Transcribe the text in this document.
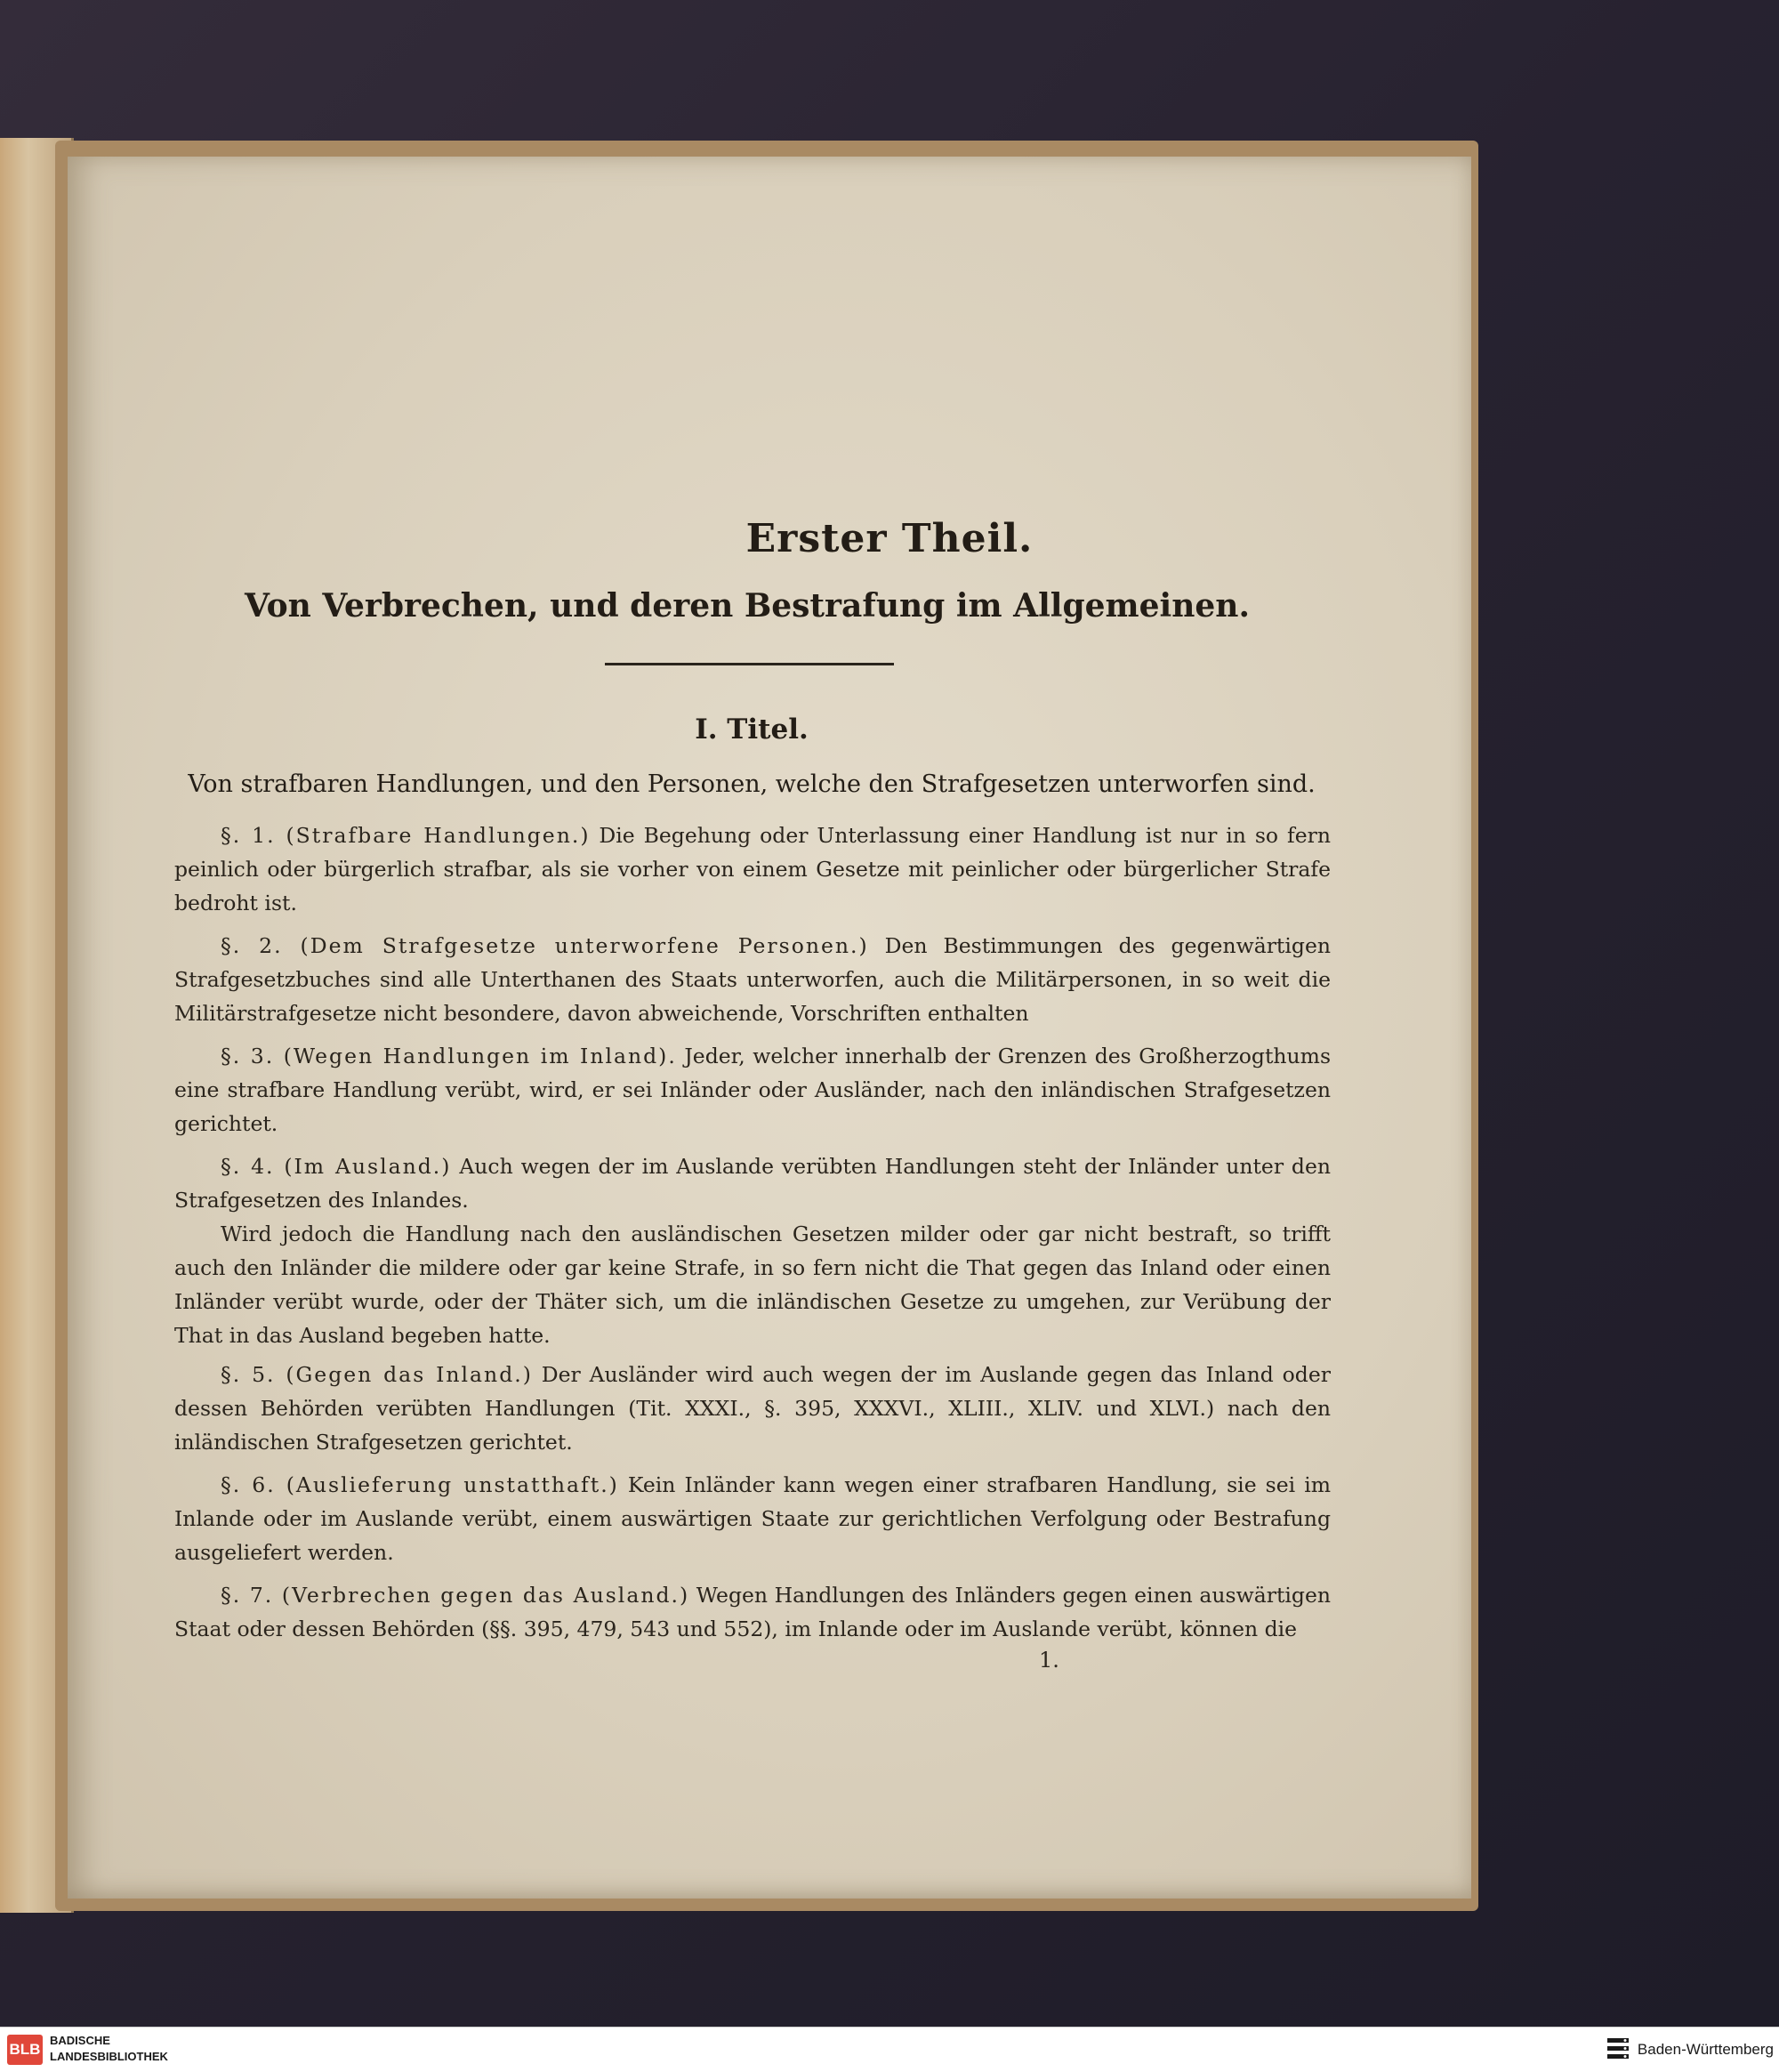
Erster Theil.
Von Verbrechen, und deren Bestrafung im Allgemeinen.
I. Titel.
Von strafbaren Handlungen, und den Personen, welche den Strafgesetzen unterworfen sind.
§. 1. (Strafbare Handlungen.) Die Begehung oder Unterlassung einer Handlung ist nur in so fern peinlich oder bürgerlich strafbar, als sie vorher von einem Gesetze mit peinlicher oder bürgerlicher Strafe bedroht ist.
§. 2. (Dem Strafgesetze unterworfene Personen.) Den Bestimmungen des gegenwärtigen Strafgesetzbuches sind alle Unterthanen des Staats unterworfen, auch die Militärpersonen, in so weit die Militärstrafgesetze nicht besondere, davon abweichende, Vorschriften enthalten
§. 3. (Wegen Handlungen im Inland). Jeder, welcher innerhalb der Grenzen des Großherzogthums eine strafbare Handlung verübt, wird, er sei Inländer oder Ausländer, nach den inländischen Strafgesetzen gerichtet.
§. 4. (Im Ausland.) Auch wegen der im Auslande verübten Handlungen steht der Inländer unter den Strafgesetzen des Inlandes.
Wird jedoch die Handlung nach den ausländischen Gesetzen milder oder gar nicht bestraft, so trifft auch den Inländer die mildere oder gar keine Strafe, in so fern nicht die That gegen das Inland oder einen Inländer verübt wurde, oder der Thäter sich, um die inländischen Gesetze zu umgehen, zur Verübung der That in das Ausland begeben hatte.
§. 5. (Gegen das Inland.) Der Ausländer wird auch wegen der im Auslande gegen das Inland oder dessen Behörden verübten Handlungen (Tit. XXXI., §. 395, XXXVI., XLIII., XLIV. und XLVI.) nach den inländischen Strafgesetzen gerichtet.
§. 6. (Auslieferung unstatthaft.) Kein Inländer kann wegen einer strafbaren Handlung, sie sei im Inlande oder im Auslande verübt, einem auswärtigen Staate zur gerichtlichen Verfolgung oder Bestrafung ausgeliefert werden.
§. 7. (Verbrechen gegen das Ausland.) Wegen Handlungen des Inländers gegen einen auswärtigen Staat oder dessen Behörden (§§. 395, 479, 543 und 552), im Inlande oder im Auslande verübt, können die
1.
BLB
BADISCHE
LANDESBIBLIOTHEK	Baden-Württemberg
